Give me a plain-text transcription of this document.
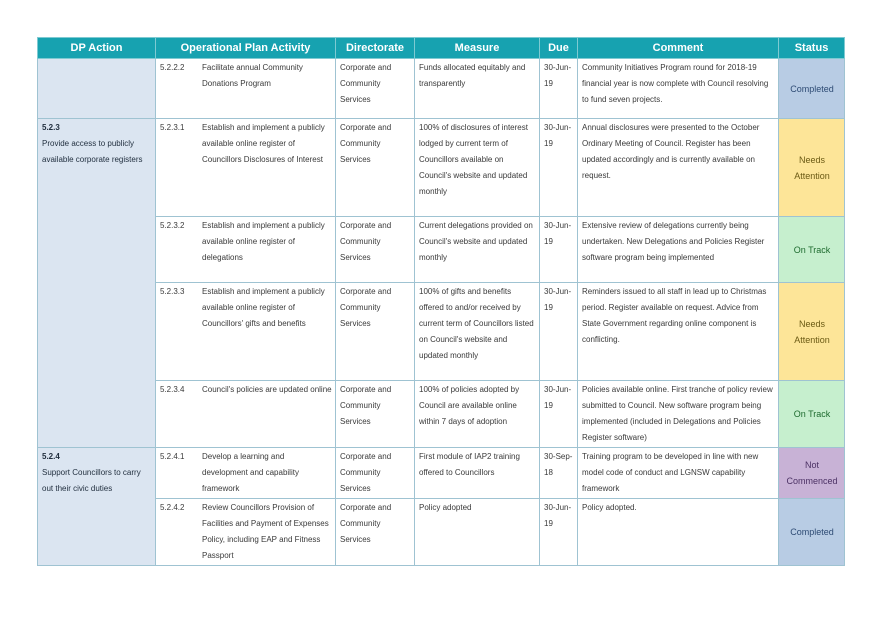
DP Action	Operational Plan Activity	Directorate	Measure	Due	Comment	Status

	5.2.2.2 Facilitate annual Community Donations Program	Corporate and Community Services	Funds allocated equitably and transparently	30-Jun-19	Community Initiatives Program round for 2018-19 financial year is now complete with Council resolving to fund seven projects.	Completed

5.2.3
Provide access to publicly available corporate registers	5.2.3.1 Establish and implement a publicly available online register of Councillors Disclosures of Interest	Corporate and Community Services	100% of disclosures of interest lodged by current term of Councillors available on Council's website and updated monthly	30-Jun-19	Annual disclosures were presented to the October Ordinary Meeting of Council. Register has been updated accordingly and is currently available on request.	Needs Attention

	5.2.3.2 Establish and implement a publicly available online register of delegations	Corporate and Community Services	Current delegations provided on Council's website and updated monthly	30-Jun-19	Extensive review of delegations currently being undertaken. New Delegations and Policies Register software program being implemented	On Track

	5.2.3.3 Establish and implement a publicly available online register of Councillors' gifts and benefits	Corporate and Community Services	100% of gifts and benefits offered to and/or received by current term of Councillors listed on Council's website and updated monthly	30-Jun-19	Reminders issued to all staff in lead up to Christmas period. Register available on request. Advice from State Government regarding online component is conflicting.	Needs Attention

	5.2.3.4 Council's policies are updated online	Corporate and Community Services	100% of policies adopted by Council are available online within 7 days of adoption	30-Jun-19	Policies available online. First tranche of policy review submitted to Council. New software program being implemented (included in Delegations and Policies Register software)	On Track

5.2.4
Support Councillors to carry out their civic duties	5.2.4.1 Develop a learning and development and capability framework	Corporate and Community Services	First module of IAP2 training offered to Councillors	30-Sep-18	Training program to be developed in line with new model code of conduct and LGNSW capability framework	Not Commenced

	5.2.4.2 Review Councillors Provision of Facilities and Payment of Expenses Policy, including EAP and Fitness Passport	Corporate and Community Services	Policy adopted	30-Jun-19	Policy adopted.	Completed
